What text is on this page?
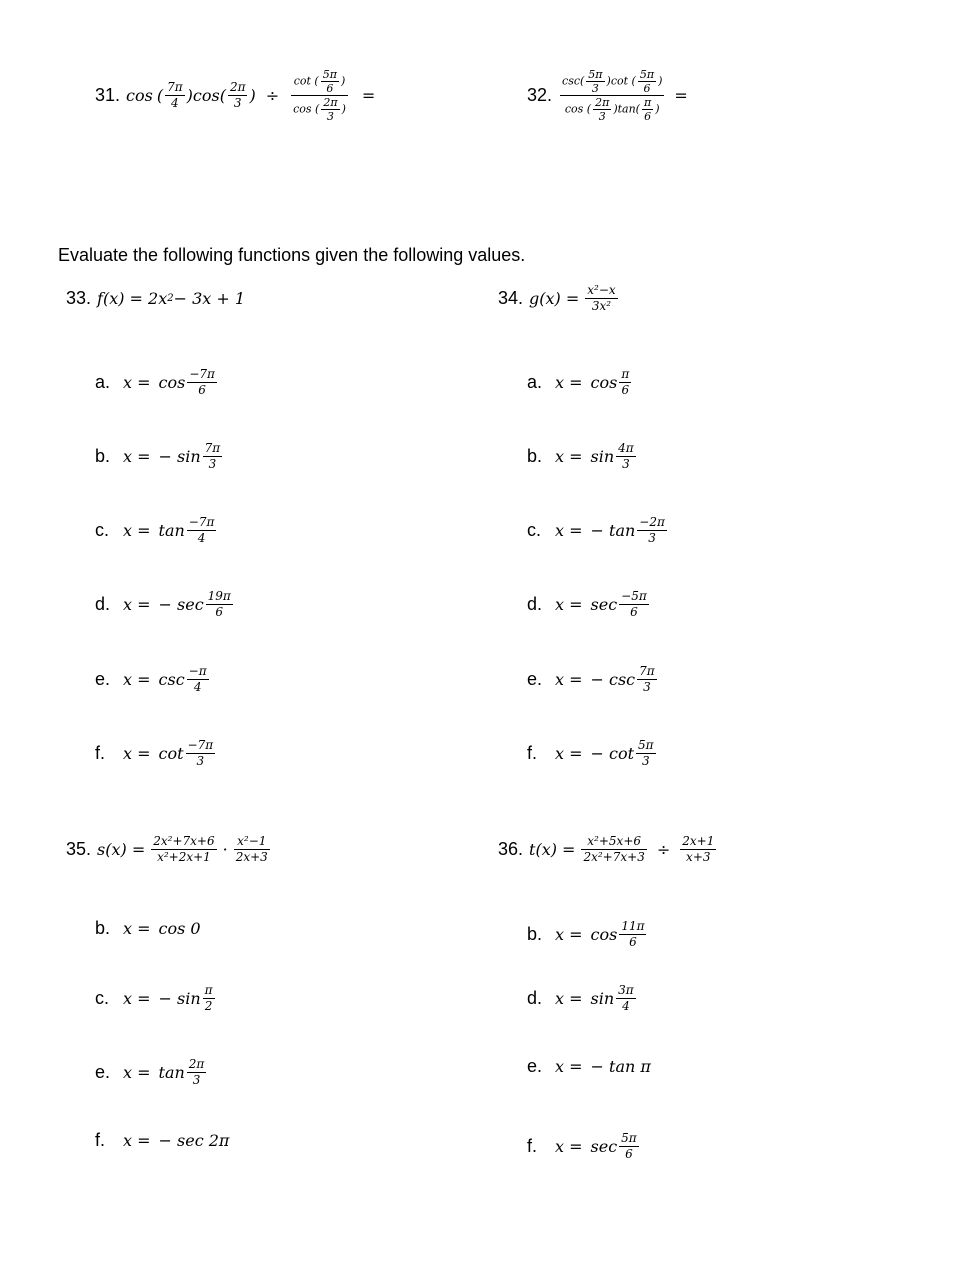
31. cos ( $\frac{7\pi}{4}$ ) cos ( $\frac{2\pi}{3}$ ) ÷ $\frac{\cot ( \frac{5\pi}{6} )}{\cos ( \frac{2\pi}{3} )}$ =	32. $\frac{\csc( \frac{5\pi}{3} )\cot ( \frac{5\pi}{6} )}{\cos ( \frac{2\pi}{3} )\tan( \frac{\pi}{6} )}$ =
Evaluate the following functions given the following values.
33. f(x) = 2x 2 − 3x + 1	34. $g(x) = \frac{\text{x²−x}}{\text{3x²}}$
a. $x = \cos \frac{-7\pi}{6}$
b. x = − $\sin \frac{7\pi}{3}$
c. $x = \tan \frac{-7\pi}{4}$
d. x = − $\sec \frac{19\pi}{6}$
e. $x = \csc \frac{-\pi}{4}$
f.	$x = \cot \frac{-7\pi}{3}$
a. $x = \cos \frac{\pi}{6}$
b. $x = \sin \frac{4\pi}{3}$
c. x = − $\tan \frac{-2\pi}{3}$
d. $x = \sec \frac{-5\pi}{6}$
e. x = − $\csc \frac{7\pi}{3}$
f.	x = − $\cot \frac{5\pi}{3}$
35. $s(x) = \frac{\text{2x²+7x+6}}{\text{x²+2x+1}} \cdot \frac{\text{x²−1}}{2x+3}$	36. $t(x) = \frac{\text{x²+5x+6}}{\text{2x²+7x+3}} \div \frac{2x+1}{x+3}$
b. x = cos 0
c. x = − $\sin \frac{\pi}{2}$
e. $x = \tan \frac{2\pi}{3}$
f.	x = − sec 2π
b. $x = \cos \frac{11\pi}{6}$
d. $x = \sin \frac{3\pi}{4}$
e. x = − tan π
f.	$x = \sec \frac{5\pi}{6}$
